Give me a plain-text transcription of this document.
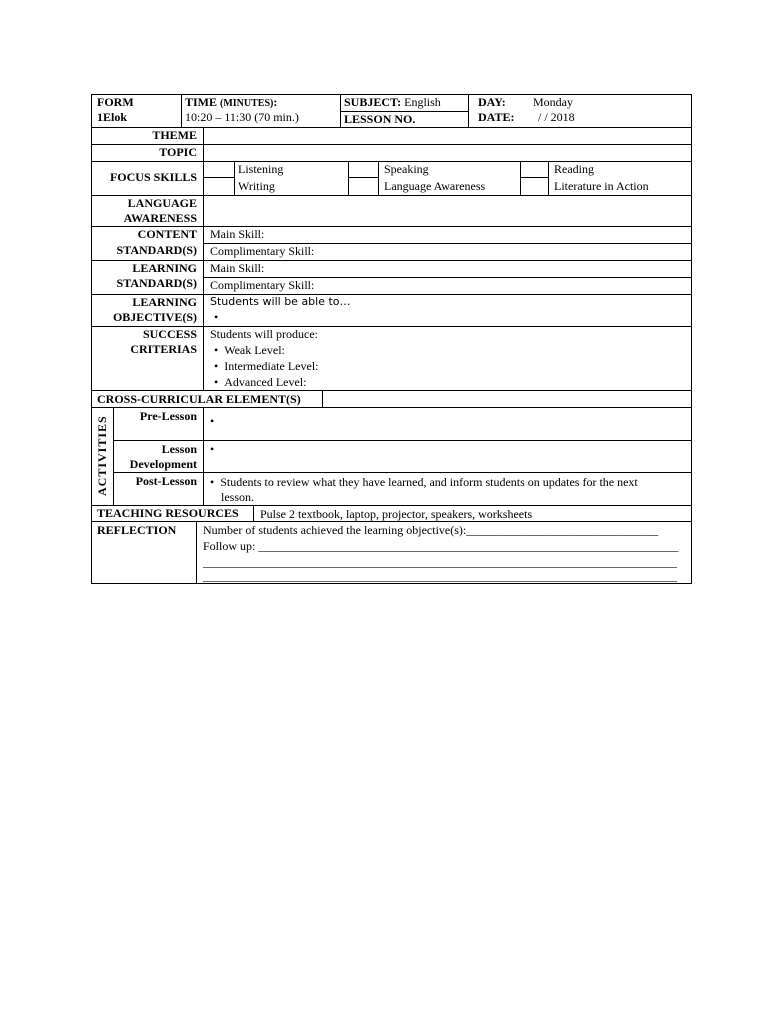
FORM
1Elok
TIME (MINUTES):
10:20 – 11:30 (70 min.)
SUBJECT: English
LESSON NO.
DAY: Monday
DATE: / / 2018
THEME
TOPIC
FOCUS SKILLS
Listening
Writing
Speaking
Language Awareness
Reading
Literature in Action
LANGUAGE
AWARENESS
CONTENT
STANDARD(S)
Main Skill:
Complimentary Skill:
LEARNING
STANDARD(S)
Main Skill:
Complimentary Skill:
LEARNING
OBJECTIVE(S)
Students will be able to…
•
SUCCESS
CRITERIAS
Students will produce:
• Weak Level:
• Intermediate Level:
• Advanced Level:
CROSS-CURRICULAR ELEMENT(S)
ACTIVITIES	Pre-Lesson
•
Lesson
Development
•
Post-Lesson
•	Students to review what they have learned, and inform students on updates for the next
lesson.
TEACHING RESOURCES Pulse 2 textbook, laptop, projector, speakers, worksheets
REFLECTION Number of students achieved the learning objective(s):________________________________
Follow up: ______________________________________________________________________
_______________________________________________________________________________
_______________________________________________________________________________
